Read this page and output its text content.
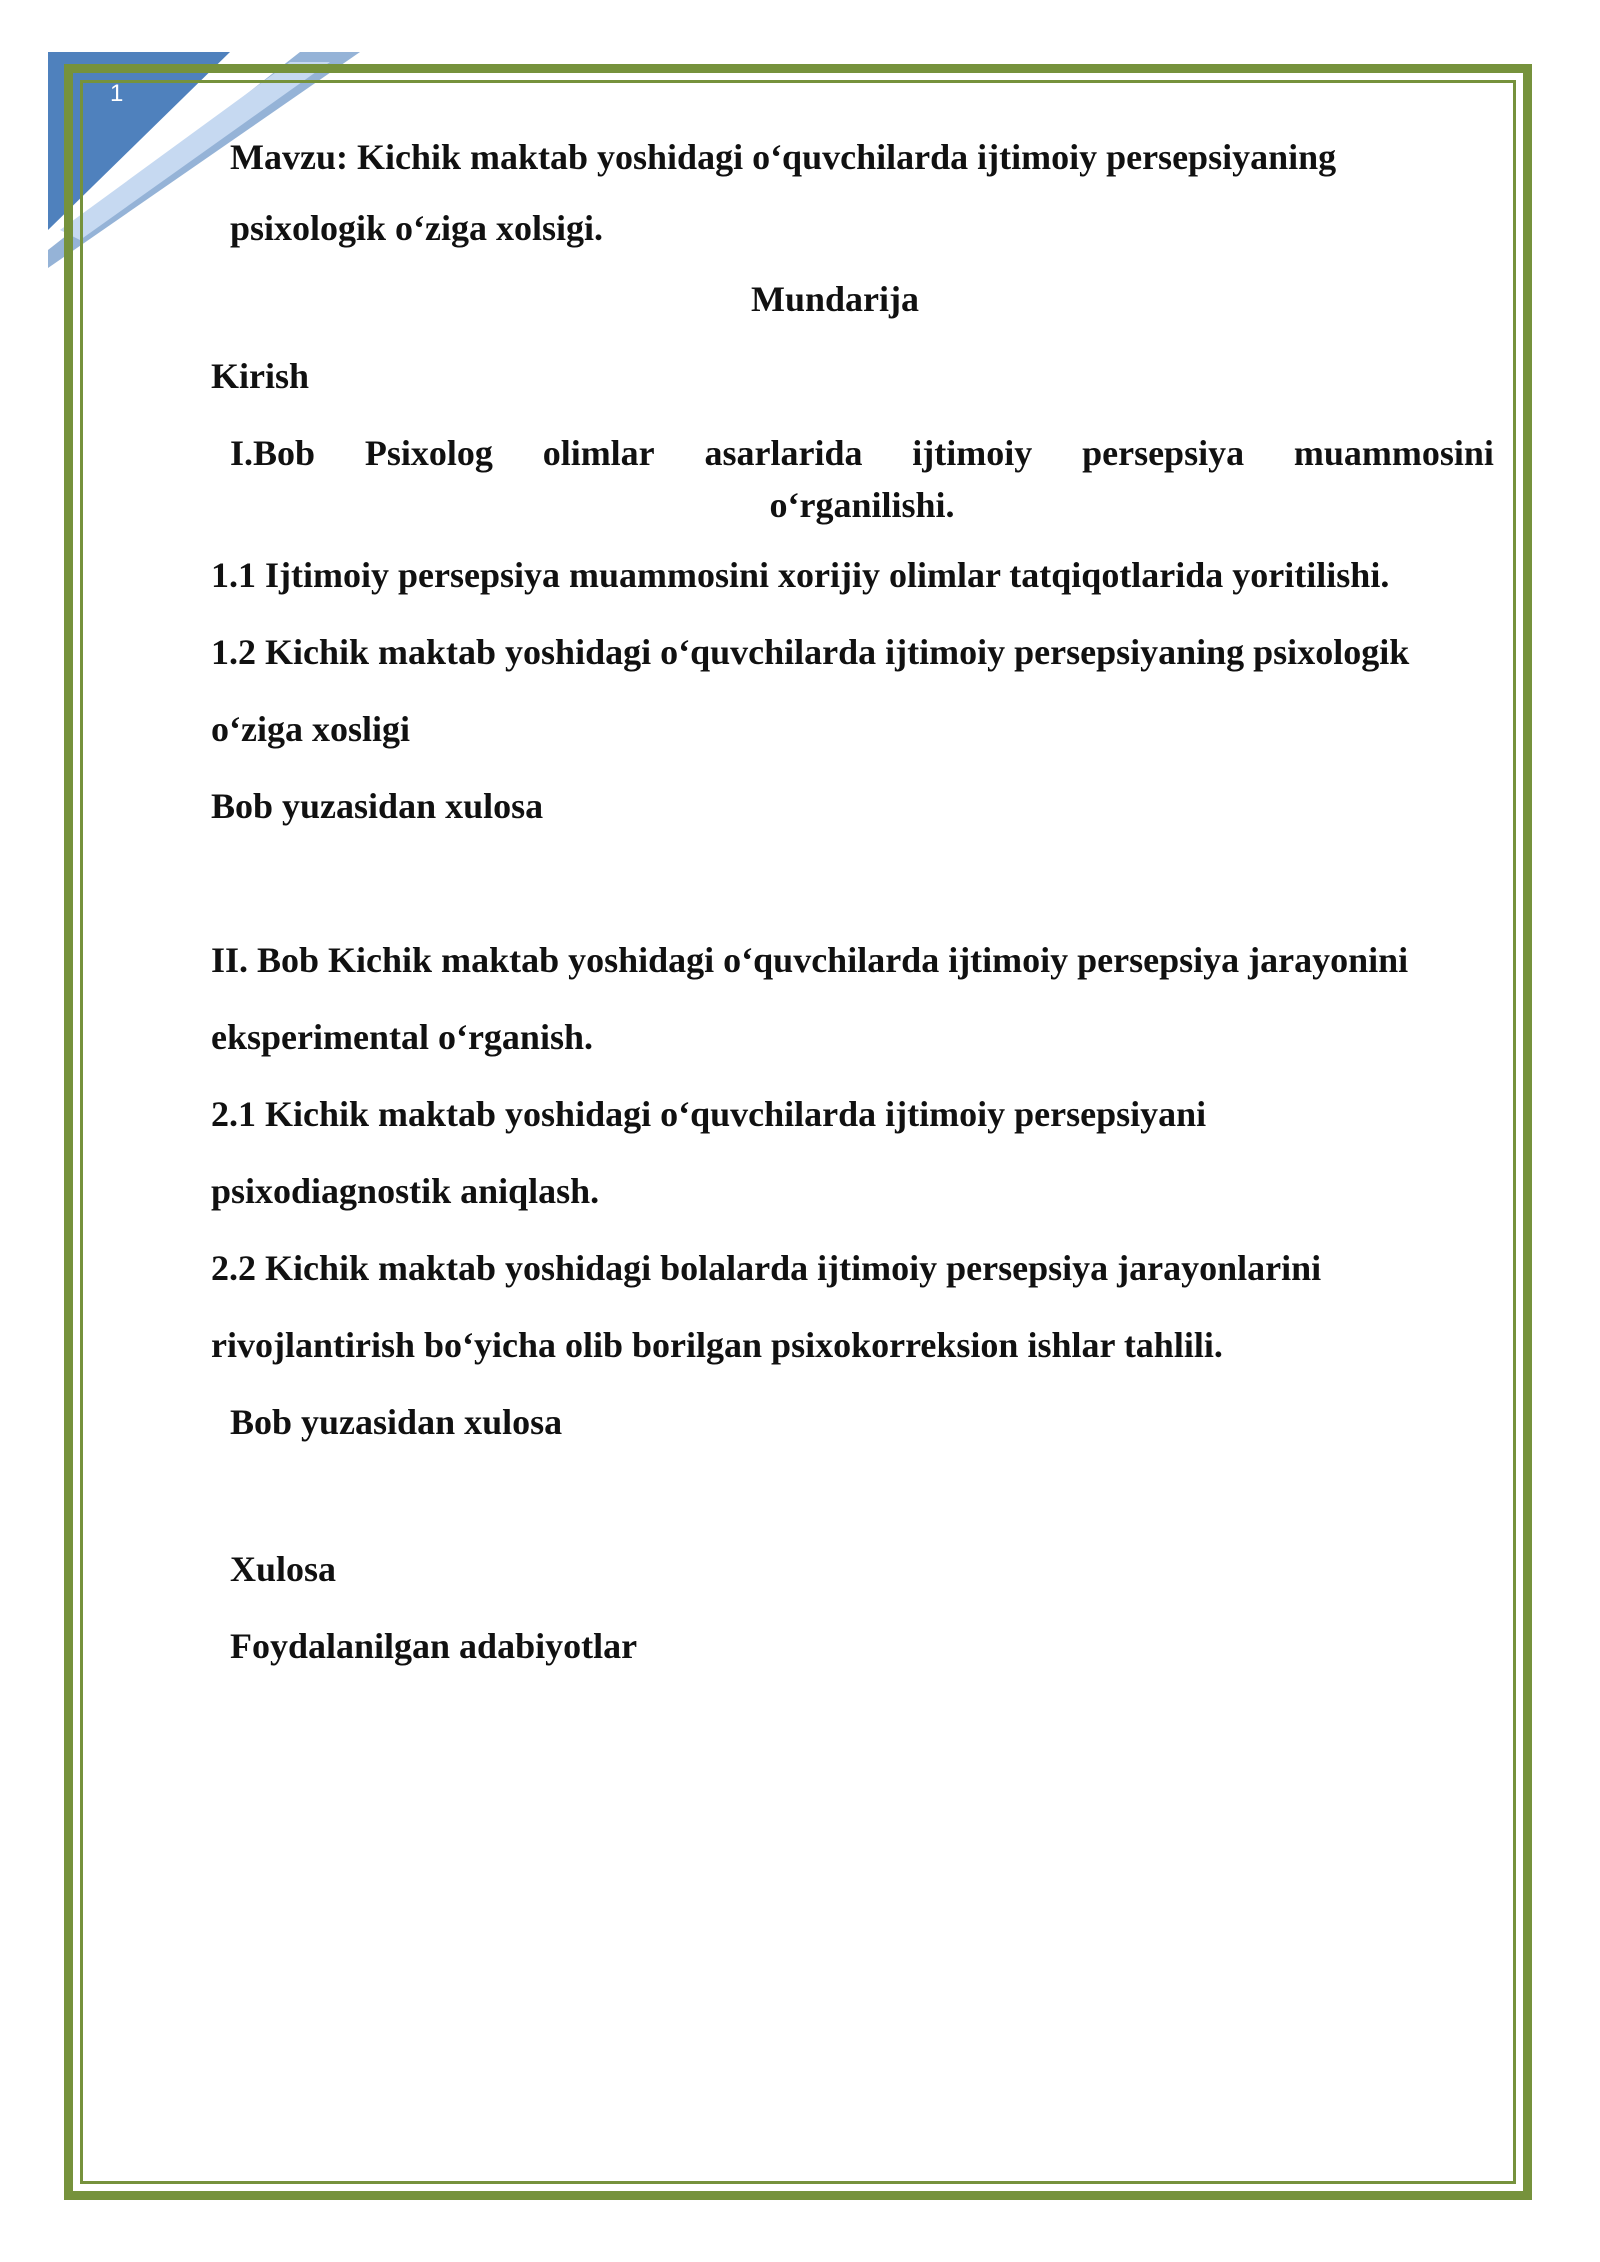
1
Mavzu: Kichik maktab yoshidagi o‘quvchilarda ijtimoiy persepsiyaning
psixologik o‘ziga xolsigi.
Mundarija
Kirish
I.Bob Psixolog olimlar asarlarida ijtimoiy persepsiya muammosini
o‘rganilishi.
1.1 Ijtimoiy persepsiya muammosini xorijiy olimlar tatqiqotlarida yoritilishi.
1.2 Kichik maktab yoshidagi o‘quvchilarda ijtimoiy persepsiyaning psixologik
o‘ziga xosligi
Bob yuzasidan xulosa
II. Bob Kichik maktab yoshidagi o‘quvchilarda ijtimoiy persepsiya jarayonini
eksperimental o‘rganish.
2.1 Kichik maktab yoshidagi o‘quvchilarda ijtimoiy persepsiyani
psixodiagnostik aniqlash.
2.2 Kichik maktab yoshidagi bolalarda ijtimoiy persepsiya jarayonlarini
rivojlantirish bo‘yicha olib borilgan psixokorreksion ishlar tahlili.
Bob yuzasidan xulosa
Xulosa
Foydalanilgan adabiyotlar
